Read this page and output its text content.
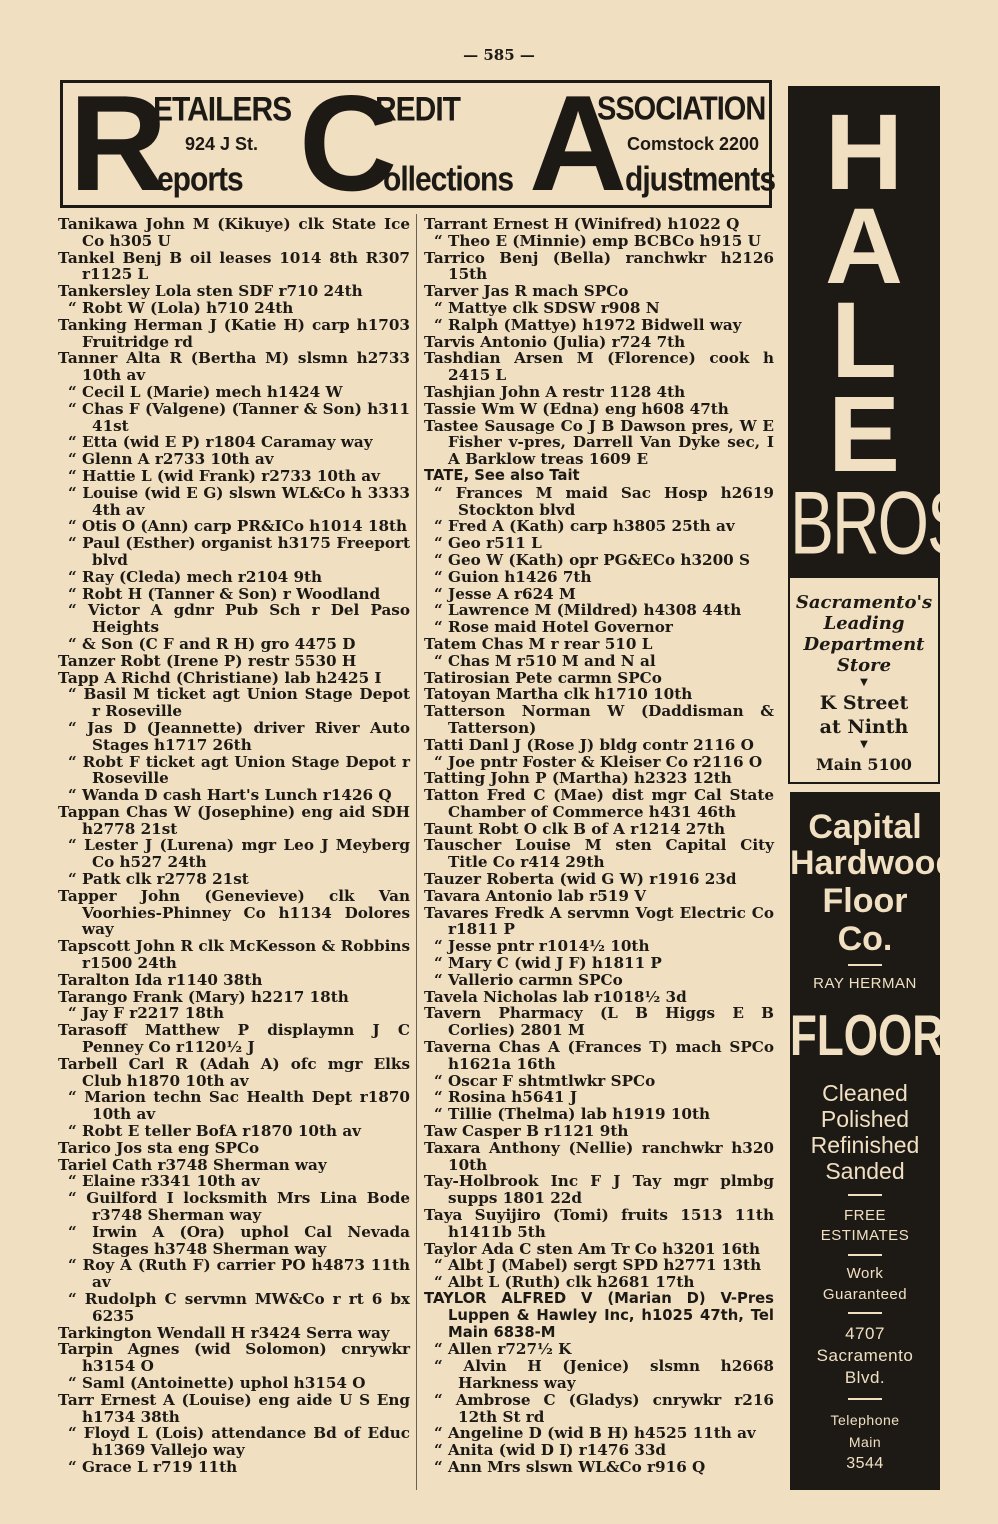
— 585 —
R
ETAILERS
924 J St.
eports C
REDIT
ollections A
SSOCIATION
Comstock 2200
djustments H
A
L
E
BROS.
Sacramento's
Leading
Department
Store
▼
K Street
at Ninth
▼
Main 5100
Capital
Hardwood
Floor
Co.
RAY HERMAN
FLOORS
Cleaned
Polished
Refinished
Sanded
FREE
ESTIMATES
Work
Guaranteed
4707
Sacramento
Blvd.
Telephone
Main
3544
Tanikawa John M (Kikuye) clk State Ice Co h305 U
Tankel Benj B oil leases 1014 8th R307 r1125 L
Tankersley Lola sten SDF r710 24th
“ Robt W (Lola) h710 24th
Tanking Herman J (Katie H) carp h1703 Fruitridge rd
Tanner Alta R (Bertha M) slsmn h2733 10th av
“ Cecil L (Marie) mech h1424 W
“ Chas F (Valgene) (Tanner & Son) h311 41st
“ Etta (wid E P) r1804 Caramay way
“ Glenn A r2733 10th av
“ Hattie L (wid Frank) r2733 10th av
“ Louise (wid E G) slswn WL&Co h 3333 4th av
“ Otis O (Ann) carp PR&ICo h1014 18th
“ Paul (Esther) organist h3175 Freeport blvd
“ Ray (Cleda) mech r2104 9th
“ Robt H (Tanner & Son) r Woodland
“ Victor A gdnr Pub Sch r Del Paso Heights
“ & Son (C F and R H) gro 4475 D
Tanzer Robt (Irene P) restr 5530 H
Tapp A Richd (Christiane) lab h2425 I
“ Basil M ticket agt Union Stage Depot r Roseville
“ Jas D (Jeannette) driver River Auto Stages h1717 26th
“ Robt F ticket agt Union Stage Depot r Roseville
“ Wanda D cash Hart's Lunch r1426 Q
Tappan Chas W (Josephine) eng aid SDH h2778 21st
“ Lester J (Lurena) mgr Leo J Meyberg Co h527 24th
“ Patk clk r2778 21st
Tapper John (Genevieve) clk Van Voorhies-Phinney Co h1134 Dolores way
Tapscott John R clk McKesson & Robbins r1500 24th
Taralton Ida r1140 38th
Tarango Frank (Mary) h2217 18th
“ Jay F r2217 18th
Tarasoff Matthew P displaymn J C Penney Co r1120½ J
Tarbell Carl R (Adah A) ofc mgr Elks Club h1870 10th av
“ Marion techn Sac Health Dept r1870 10th av
“ Robt E teller BofA r1870 10th av
Tarico Jos sta eng SPCo
Tariel Cath r3748 Sherman way
“ Elaine r3341 10th av
“ Guilford I locksmith Mrs Lina Bode r3748 Sherman way
“ Irwin A (Ora) uphol Cal Nevada Stages h3748 Sherman way
“ Roy A (Ruth F) carrier PO h4873 11th av
“ Rudolph C servmn MW&Co r rt 6 bx 6235
Tarkington Wendall H r3424 Serra way
Tarpin Agnes (wid Solomon) cnrywkr h3154 O
“ Saml (Antoinette) uphol h3154 O
Tarr Ernest A (Louise) eng aide U S Eng h1734 38th
“ Floyd L (Lois) attendance Bd of Educ h1369 Vallejo way
“ Grace L r719 11th
Tarrant Ernest H (Winifred) h1022 Q
“ Theo E (Minnie) emp BCBCo h915 U
Tarrico Benj (Bella) ranchwkr h2126 15th
Tarver Jas R mach SPCo
“ Mattye clk SDSW r908 N
“ Ralph (Mattye) h1972 Bidwell way
Tarvis Antonio (Julia) r724 7th
Tashdian Arsen M (Florence) cook h 2415 L
Tashjian John A restr 1128 4th
Tassie Wm W (Edna) eng h608 47th
Tastee Sausage Co J B Dawson pres, W E Fisher v-pres, Darrell Van Dyke sec, I A Barklow treas 1609 E
TATE, See also Tait
“ Frances M maid Sac Hosp h2619 Stockton blvd
“ Fred A (Kath) carp h3805 25th av
“ Geo r511 L
“ Geo W (Kath) opr PG&ECo h3200 S
“ Guion h1426 7th
“ Jesse A r624 M
“ Lawrence M (Mildred) h4308 44th
“ Rose maid Hotel Governor
Tatem Chas M r rear 510 L
“ Chas M r510 M and N al
Tatirosian Pete carmn SPCo
Tatoyan Martha clk h1710 10th
Tatterson Norman W (Daddisman & Tatterson)
Tatti Danl J (Rose J) bldg contr 2116 O
“ Joe pntr Foster & Kleiser Co r2116 O
Tatting John P (Martha) h2323 12th
Tatton Fred C (Mae) dist mgr Cal State Chamber of Commerce h431 46th
Taunt Robt O clk B of A r1214 27th
Tauscher Louise M sten Capital City Title Co r414 29th
Tauzer Roberta (wid G W) r1916 23d
Tavara Antonio lab r519 V
Tavares Fredk A servmn Vogt Electric Co r1811 P
“ Jesse pntr r1014½ 10th
“ Mary C (wid J F) h1811 P
“ Vallerio carmn SPCo
Tavela Nicholas lab r1018½ 3d
Tavern Pharmacy (L B Higgs E B Corlies) 2801 M
Taverna Chas A (Frances T) mach SPCo h1621a 16th
“ Oscar F shtmtlwkr SPCo
“ Rosina h5641 J
“ Tillie (Thelma) lab h1919 10th
Taw Casper B r1121 9th
Taxara Anthony (Nellie) ranchwkr h320 10th
Tay-Holbrook Inc F J Tay mgr plmbg supps 1801 22d
Taya Suyijiro (Tomi) fruits 1513 11th h1411b 5th
Taylor Ada C sten Am Tr Co h3201 16th
“ Albt J (Mabel) sergt SPD h2771 13th
“ Albt L (Ruth) clk h2681 17th
TAYLOR ALFRED V (Marian D) V-Pres Luppen & Hawley Inc, h1025 47th, Tel Main 6838-M
“ Allen r727½ K
“ Alvin H (Jenice) slsmn h2668 Harkness way
“ Ambrose C (Gladys) cnrywkr r216 12th St rd
“ Angeline D (wid B H) h4525 11th av
“ Anita (wid D I) r1476 33d
“ Ann Mrs slswn WL&Co r916 Q
